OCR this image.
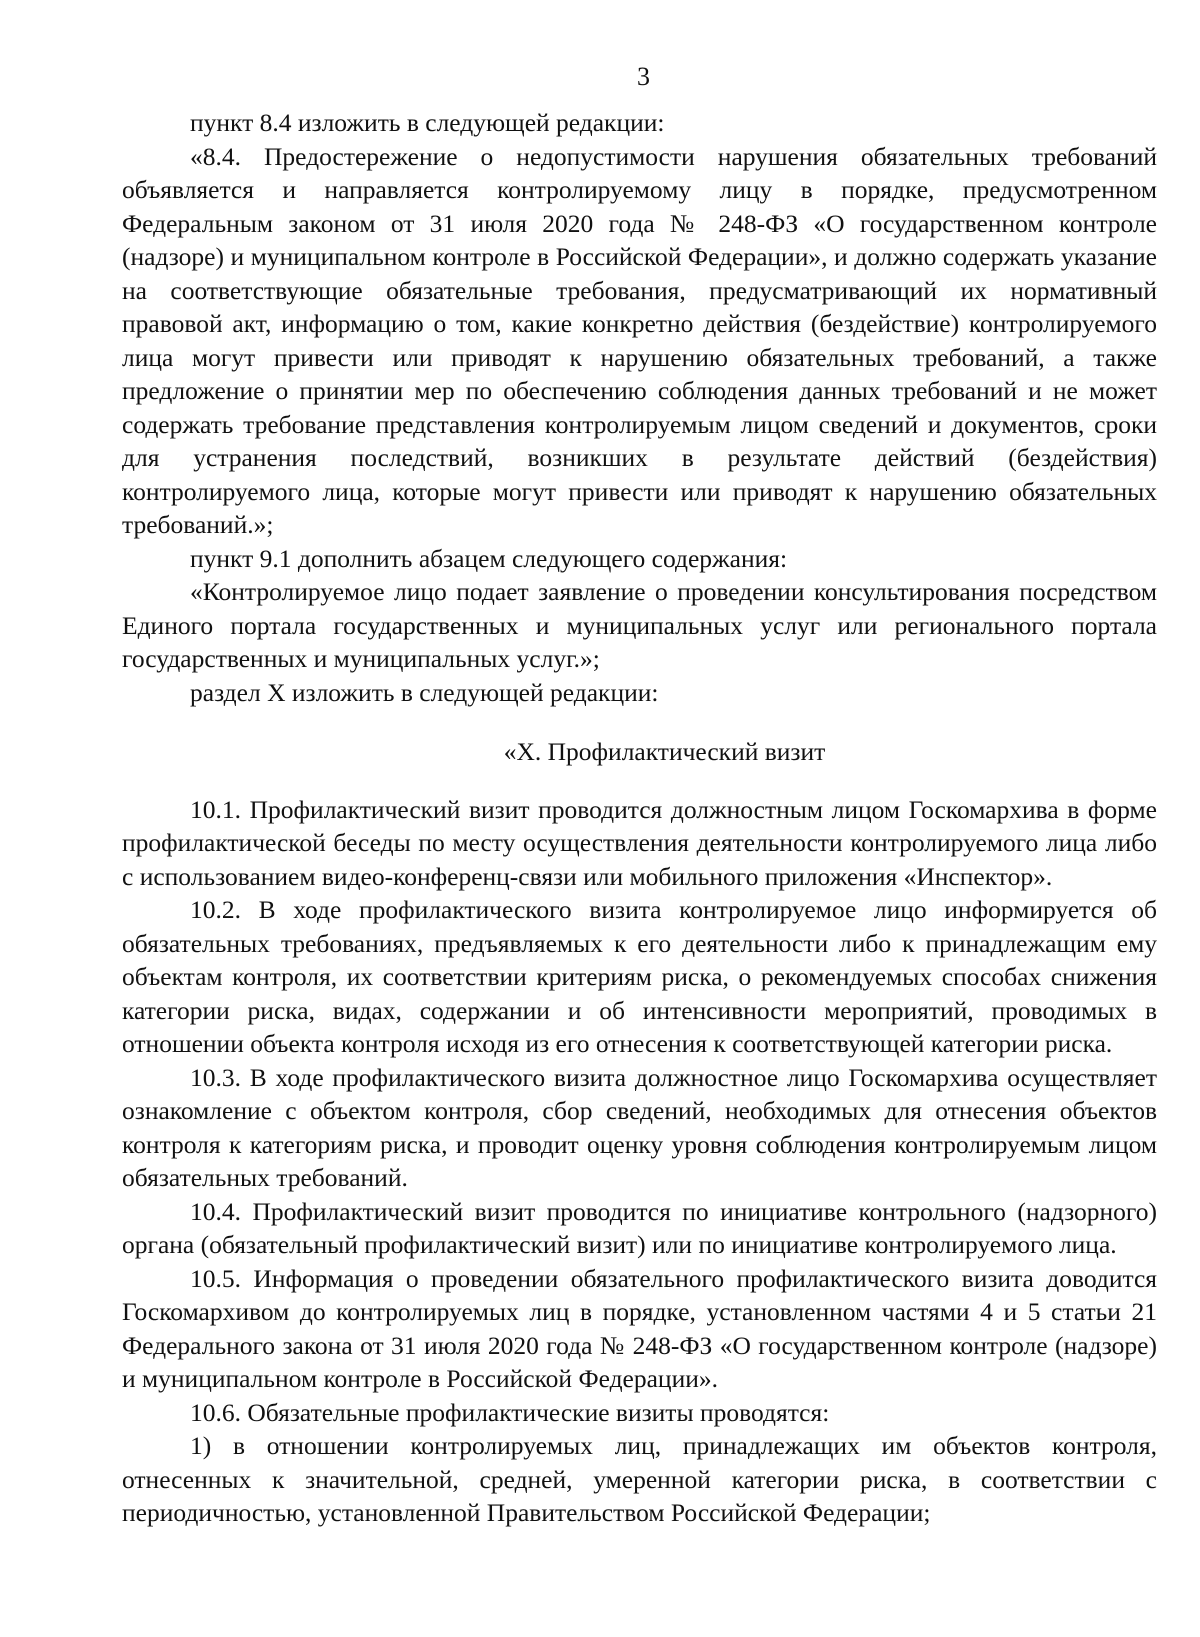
3

пункт 8.4 изложить в следующей редакции:

«8.4. Предостережение о недопустимости нарушения обязательных требований объявляется и направляется контролируемому лицу в порядке, предусмотренном Федеральным законом от 31 июля 2020 года № 248-ФЗ «О государственном контроле (надзоре) и муниципальном контроле в Российской Федерации», и должно содержать указание на соответствующие обязательные требования, предусматривающий их нормативный правовой акт, информацию о том, какие конкретно действия (бездействие) контролируемого лица могут привести или приводят к нарушению обязательных требований, а также предложение о принятии мер по обеспечению соблюдения данных требований и не может содержать требование представления контролируемым лицом сведений и документов, сроки для устранения последствий, возникших в результате действий (бездействия) контролируемого лица, которые могут привести или приводят к нарушению обязательных требований.»;

пункт 9.1 дополнить абзацем следующего содержания:

«Контролируемое лицо подает заявление о проведении консультирования посредством Единого портала государственных и муниципальных услуг или регионального портала государственных и муниципальных услуг.»;

раздел X изложить в следующей редакции:

«X. Профилактический визит

10.1. Профилактический визит проводится должностным лицом Госкомархива в форме профилактической беседы по месту осуществления деятельности контролируемого лица либо с использованием видео-конференц-связи или мобильного приложения «Инспектор».

10.2. В ходе профилактического визита контролируемое лицо информируется об обязательных требованиях, предъявляемых к его деятельности либо к принадлежащим ему объектам контроля, их соответствии критериям риска, о рекомендуемых способах снижения категории риска, видах, содержании и об интенсивности мероприятий, проводимых в отношении объекта контроля исходя из его отнесения к соответствующей категории риска.

10.3. В ходе профилактического визита должностное лицо Госкомархива осуществляет ознакомление с объектом контроля, сбор сведений, необходимых для отнесения объектов контроля к категориям риска, и проводит оценку уровня соблюдения контролируемым лицом обязательных требований.

10.4. Профилактический визит проводится по инициативе контрольного (надзорного) органа (обязательный профилактический визит) или по инициативе контролируемого лица.

10.5. Информация о проведении обязательного профилактического визита доводится Госкомархивом до контролируемых лиц в порядке, установленном частями 4 и 5 статьи 21 Федерального закона от 31 июля 2020 года № 248-ФЗ «О государственном контроле (надзоре) и муниципальном контроле в Российской Федерации».

10.6. Обязательные профилактические визиты проводятся:

1) в отношении контролируемых лиц, принадлежащих им объектов контроля, отнесенных к значительной, средней, умеренной категории риска, в соответствии с периодичностью, установленной Правительством Российской Федерации;
